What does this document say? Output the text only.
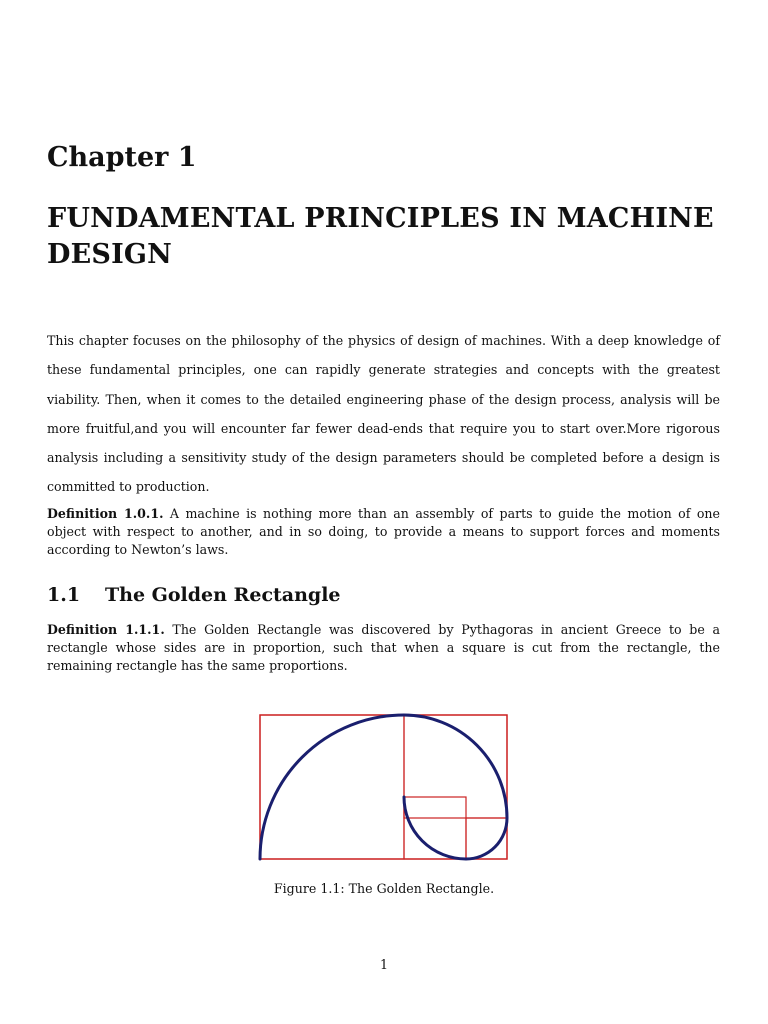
Chapter 1
FUNDAMENTAL PRINCIPLES IN MACHINE DESIGN

This chapter focuses on the philosophy of the physics of design of machines. With a deep knowledge of these fundamental principles, one can rapidly generate strategies and concepts with the greatest viability. Then, when it comes to the detailed engineering phase of the design process, analysis will be more fruitful,and you will encounter far fewer dead-ends that require you to start over.More rigorous analysis including a sensitivity study of the design parameters should be completed before a design is committed to production.

Definition 1.0.1. A machine is nothing more than an assembly of parts to guide the motion of one object with respect to another, and in so doing, to provide a means to support forces and moments according to Newton’s laws.

1.1 The Golden Rectangle

Definition 1.1.1. The Golden Rectangle was discovered by Pythagoras in ancient Greece to be a rectangle whose sides are in proportion, such that when a square is cut from the rectangle, the remaining rectangle has the same proportions.

Figure 1.1: The Golden Rectangle.

1
